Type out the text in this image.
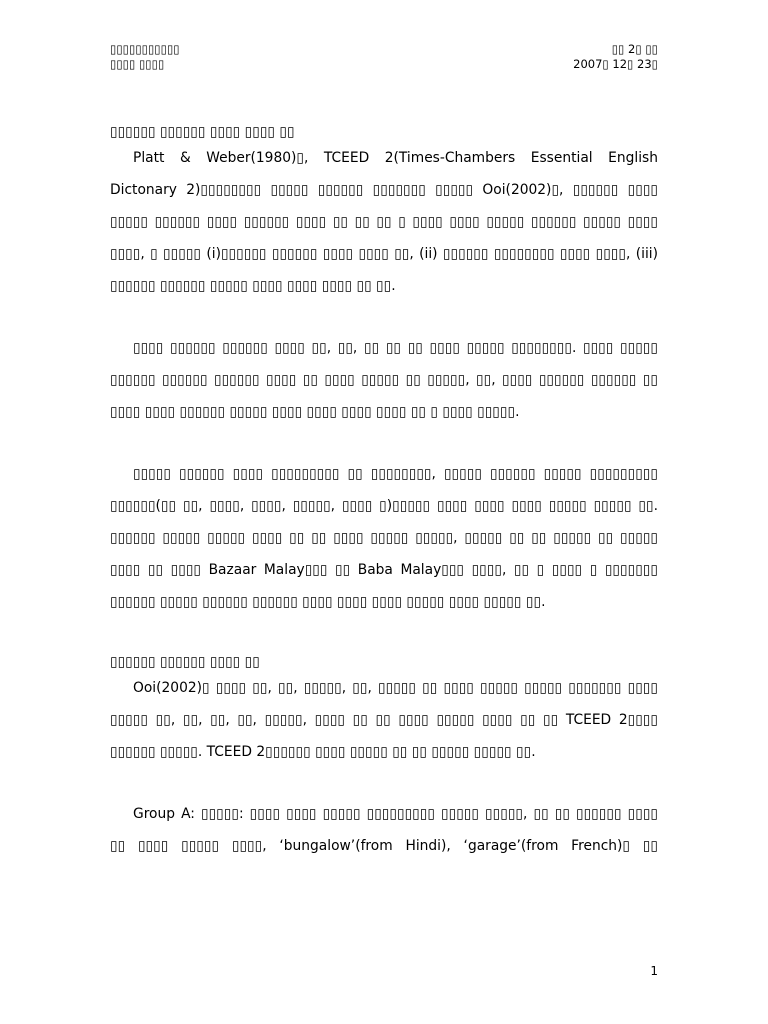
▯▯▯▯▯▯▯▯▯▯▯
▯▯▯▯ ▯▯▯▯
▯▯ 2▯ ▯▯
2007▯ 12▯ 23▯
▯▯▯▯▯▯ ▯▯▯▯▯▯ ▯▯▯▯ ▯▯▯▯ ▯▯
Platt & Weber(1980)▯, TCEED 2(Times-Chambers Essential English
Dictonary 2)▯▯▯▯▯▯▯▯ ▯▯▯▯▯ ▯▯▯▯▯▯ ▯▯▯▯▯▯▯ ▯▯▯▯▯ Ooi(2002)▯, ▯▯▯▯▯▯ ▯▯▯▯
▯▯▯▯▯ ▯▯▯▯▯▯ ▯▯▯▯ ▯▯▯▯▯▯ ▯▯▯▯ ▯▯ ▯▯ ▯▯ ▯ ▯▯▯▯ ▯▯▯▯ ▯▯▯▯▯ ▯▯▯▯▯▯ ▯▯▯▯▯ ▯▯▯▯
▯▯▯▯, ▯ ▯▯▯▯▯ (i)▯▯▯▯▯▯ ▯▯▯▯▯▯ ▯▯▯▯ ▯▯▯▯ ▯▯, (ii) ▯▯▯▯▯▯ ▯▯▯▯▯▯▯▯ ▯▯▯▯ ▯▯▯▯, (iii)
▯▯▯▯▯▯ ▯▯▯▯▯▯ ▯▯▯▯▯ ▯▯▯▯ ▯▯▯▯ ▯▯▯▯ ▯▯ ▯▯.
▯▯▯▯ ▯▯▯▯▯▯ ▯▯▯▯▯▯ ▯▯▯▯ ▯▯, ▯▯, ▯▯ ▯▯ ▯▯ ▯▯▯▯ ▯▯▯▯▯ ▯▯▯▯▯▯▯▯. ▯▯▯▯ ▯▯▯▯▯
▯▯▯▯▯▯ ▯▯▯▯▯▯ ▯▯▯▯▯▯ ▯▯▯▯ ▯▯ ▯▯▯▯ ▯▯▯▯▯ ▯▯ ▯▯▯▯▯, ▯▯, ▯▯▯▯ ▯▯▯▯▯▯ ▯▯▯▯▯▯ ▯▯
▯▯▯▯ ▯▯▯▯ ▯▯▯▯▯▯ ▯▯▯▯▯ ▯▯▯▯ ▯▯▯▯ ▯▯▯▯ ▯▯▯▯ ▯▯ ▯ ▯▯▯▯ ▯▯▯▯▯.
▯▯▯▯▯ ▯▯▯▯▯▯ ▯▯▯▯ ▯▯▯▯▯▯▯▯▯ ▯▯ ▯▯▯▯▯▯▯▯, ▯▯▯▯▯ ▯▯▯▯▯▯ ▯▯▯▯▯ ▯▯▯▯▯▯▯▯▯
▯▯▯▯▯▯(▯▯ ▯▯, ▯▯▯▯, ▯▯▯▯, ▯▯▯▯▯, ▯▯▯▯ ▯)▯▯▯▯▯ ▯▯▯▯ ▯▯▯▯ ▯▯▯▯ ▯▯▯▯▯ ▯▯▯▯▯ ▯▯.
▯▯▯▯▯▯ ▯▯▯▯▯ ▯▯▯▯▯ ▯▯▯▯ ▯▯ ▯▯ ▯▯▯▯ ▯▯▯▯▯ ▯▯▯▯▯, ▯▯▯▯▯ ▯▯ ▯▯ ▯▯▯▯▯ ▯▯ ▯▯▯▯▯
▯▯▯▯ ▯▯ ▯▯▯▯ Bazaar Malay▯▯▯ ▯▯ Baba Malay▯▯▯ ▯▯▯▯, ▯▯ ▯ ▯▯▯▯ ▯ ▯▯▯▯▯▯▯
▯▯▯▯▯▯ ▯▯▯▯▯ ▯▯▯▯▯▯ ▯▯▯▯▯▯ ▯▯▯▯ ▯▯▯▯ ▯▯▯▯ ▯▯▯▯▯ ▯▯▯▯ ▯▯▯▯▯ ▯▯.
▯▯▯▯▯▯ ▯▯▯▯▯▯ ▯▯▯▯ ▯▯
Ooi(2002)▯ ▯▯▯▯ ▯▯, ▯▯, ▯▯▯▯▯, ▯▯, ▯▯▯▯▯ ▯▯ ▯▯▯▯ ▯▯▯▯▯ ▯▯▯▯▯ ▯▯▯▯▯▯▯ ▯▯▯▯
▯▯▯▯▯ ▯▯, ▯▯, ▯▯, ▯▯, ▯▯▯▯▯, ▯▯▯▯ ▯▯ ▯▯ ▯▯▯▯ ▯▯▯▯▯ ▯▯▯▯ ▯▯ ▯▯ TCEED 2▯▯▯▯
▯▯▯▯▯▯ ▯▯▯▯▯. TCEED 2▯▯▯▯▯▯ ▯▯▯▯ ▯▯▯▯▯ ▯▯ ▯▯ ▯▯▯▯▯ ▯▯▯▯▯ ▯▯.
Group A: ▯▯▯▯▯: ▯▯▯▯ ▯▯▯▯ ▯▯▯▯▯ ▯▯▯▯▯▯▯▯▯ ▯▯▯▯▯ ▯▯▯▯▯, ▯▯ ▯▯ ▯▯▯▯▯▯ ▯▯▯▯
▯▯ ▯▯▯▯ ▯▯▯▯▯ ▯▯▯▯, ‘bungalow’(from Hindi), ‘garage’(from French)▯ ▯▯
1
